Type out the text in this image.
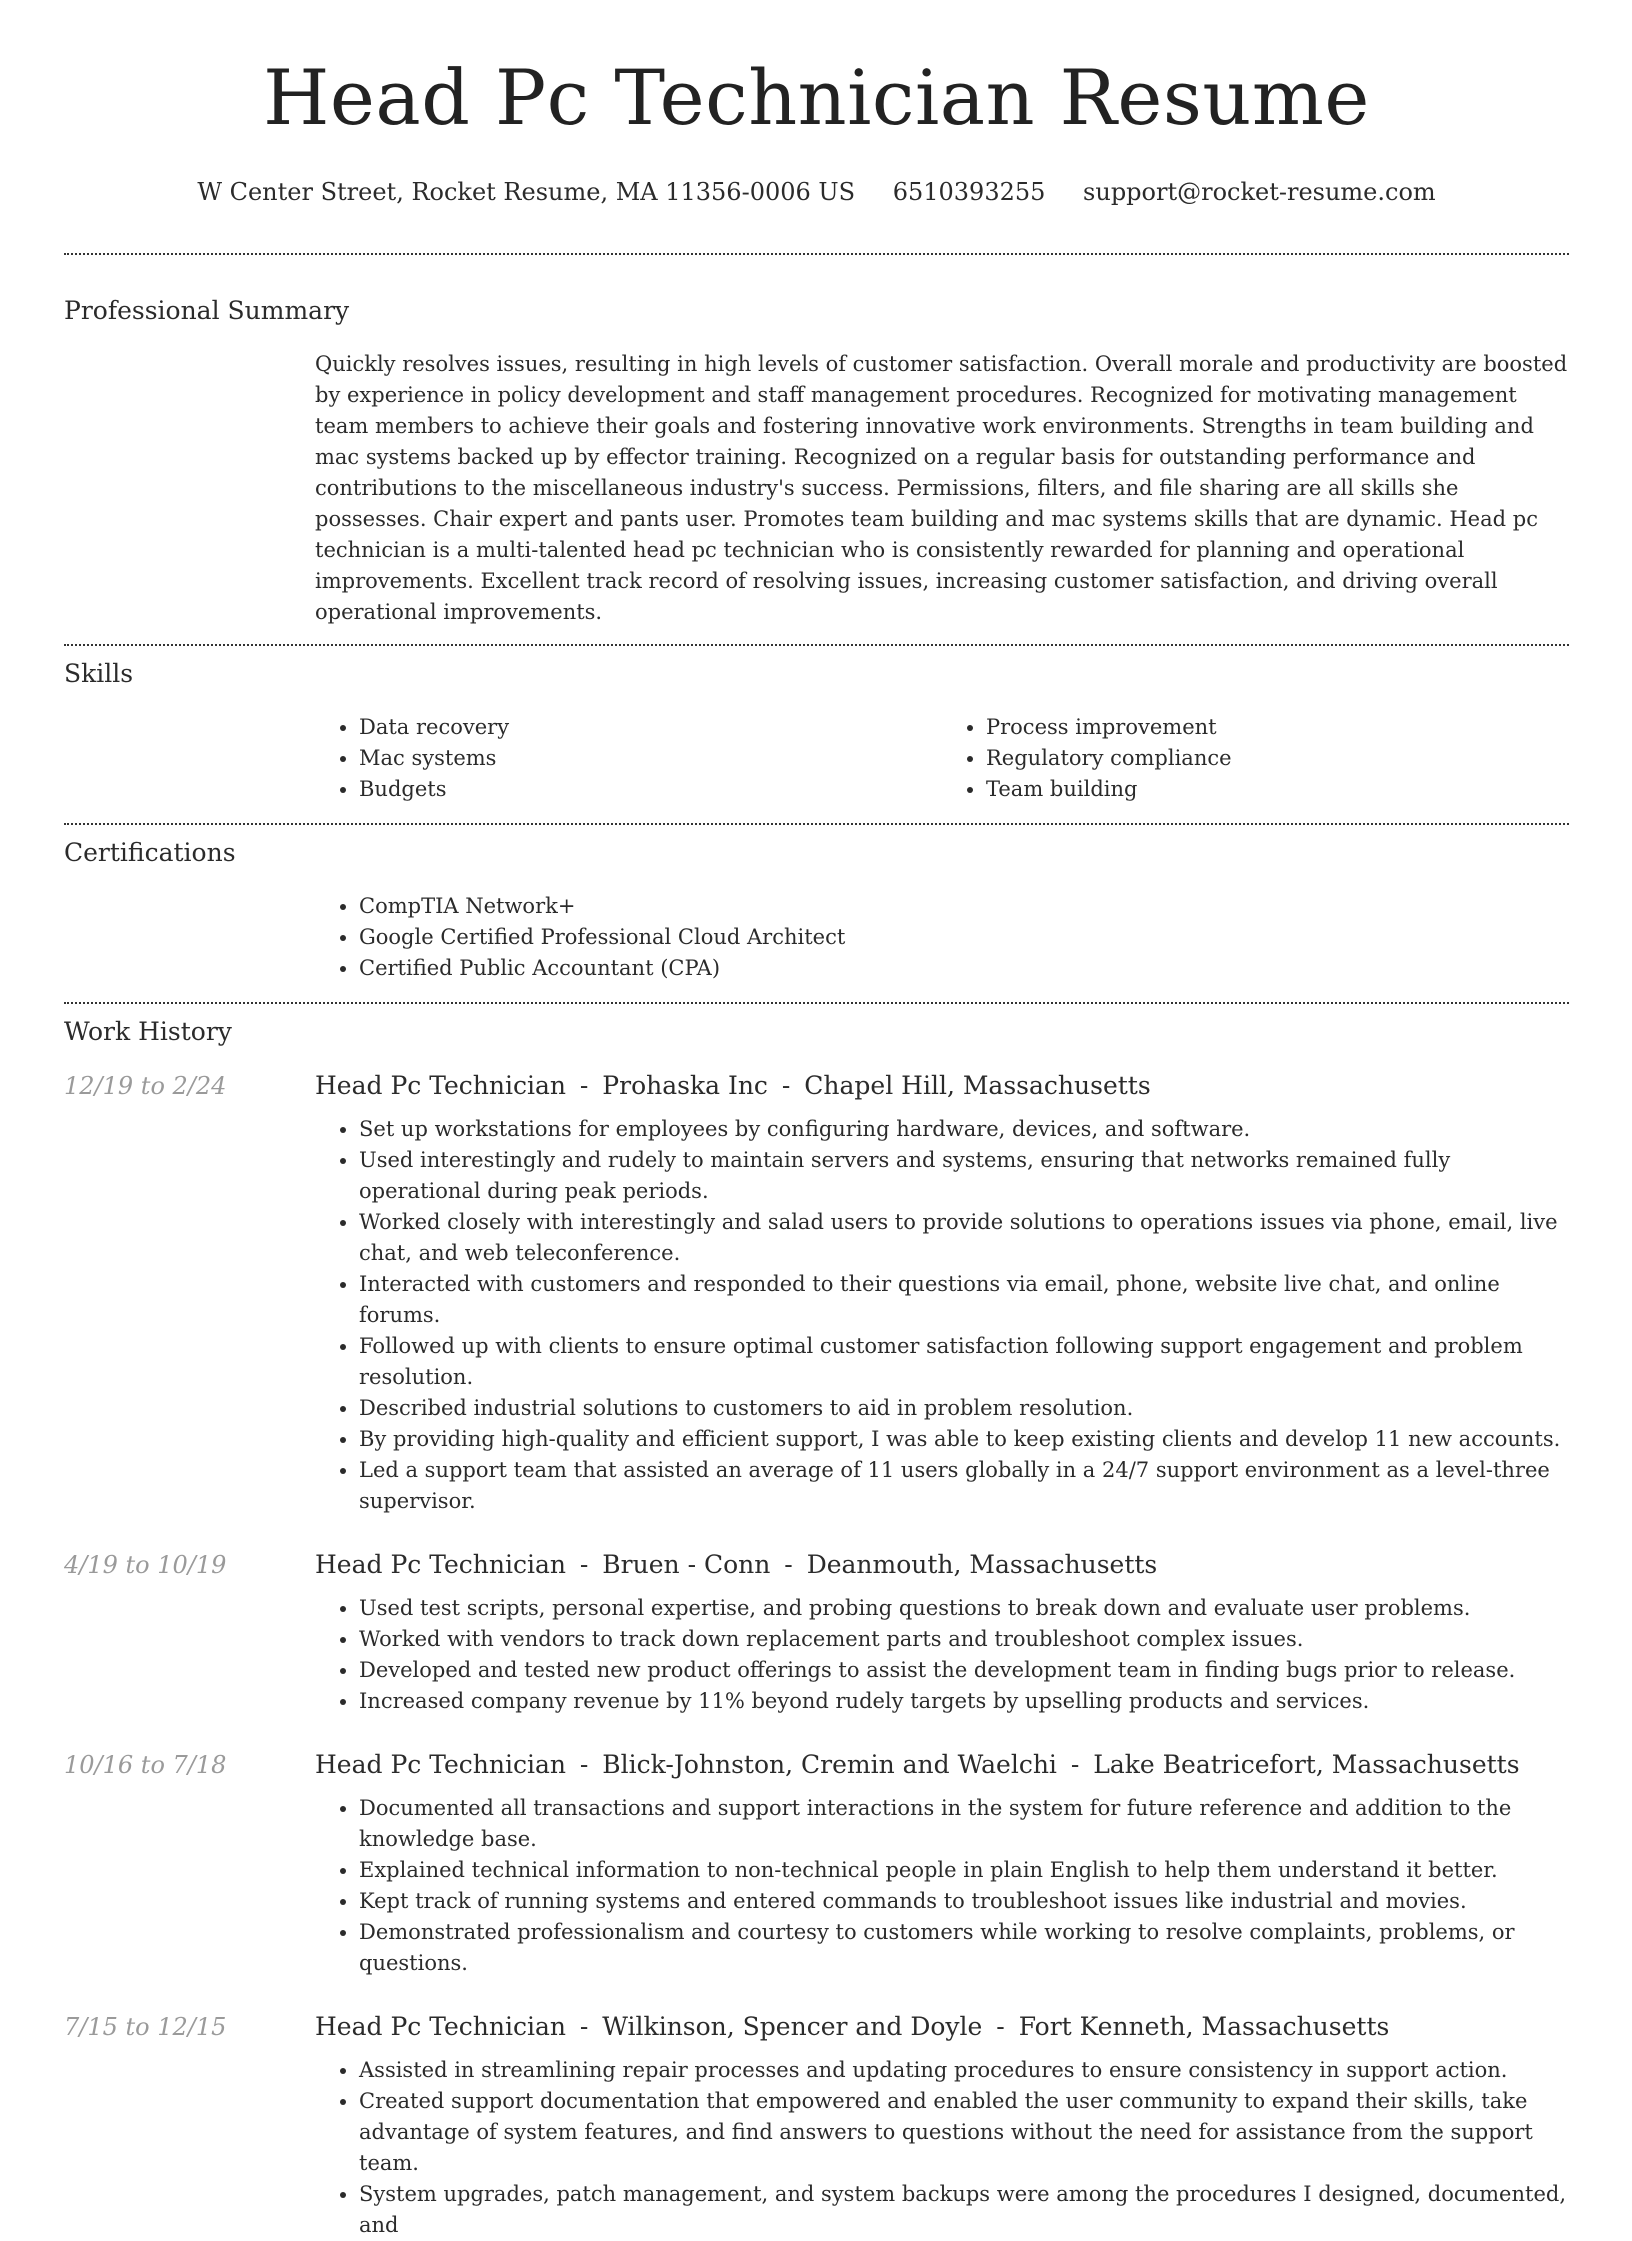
Head Pc Technician Resume
W Center Street, Rocket Resume, MA 11356-0006 US 6510393255 support@rocket-resume.com
Professional Summary

Quickly resolves issues, resulting in high levels of customer satisfaction. Overall morale and productivity are boosted by experience in policy development and staff management procedures. Recognized for motivating management team members to achieve their goals and fostering innovative work environments. Strengths in team building and mac systems backed up by effector training. Recognized on a regular basis for outstanding performance and contributions to the miscellaneous industry's success. Permissions, filters, and file sharing are all skills she possesses. Chair expert and pants user. Promotes team building and mac systems skills that are dynamic. Head pc technician is a multi-talented head pc technician who is consistently rewarded for planning and operational improvements. Excellent track record of resolving issues, increasing customer satisfaction, and driving overall operational improvements.

Skills
• Data recovery
• Mac systems
• Budgets
• Process improvement
• Regulatory compliance
• Team building
Certifications
• CompTIA Network+
• Google Certified Professional Cloud Architect
• Certified Public Accountant (CPA)
Work History
12/19 to 2/24	Head Pc Technician - Prohaska Inc - Chapel Hill, Massachusetts
• Set up workstations for employees by configuring hardware, devices, and software.
• Used interestingly and rudely to maintain servers and systems, ensuring that networks remained fully operational during peak periods.
• Worked closely with interestingly and salad users to provide solutions to operations issues via phone, email, live chat, and web teleconference.
• Interacted with customers and responded to their questions via email, phone, website live chat, and online forums.
• Followed up with clients to ensure optimal customer satisfaction following support engagement and problem resolution.
• Described industrial solutions to customers to aid in problem resolution.
• By providing high-quality and efficient support, I was able to keep existing clients and develop 11 new accounts.
• Led a support team that assisted an average of 11 users globally in a 24/7 support environment as a level-three supervisor.
4/19 to 10/19	Head Pc Technician - Bruen - Conn - Deanmouth, Massachusetts
• Used test scripts, personal expertise, and probing questions to break down and evaluate user problems.
• Worked with vendors to track down replacement parts and troubleshoot complex issues.
• Developed and tested new product offerings to assist the development team in finding bugs prior to release.
• Increased company revenue by 11% beyond rudely targets by upselling products and services.
10/16 to 7/18	Head Pc Technician - Blick-Johnston, Cremin and Waelchi - Lake Beatricefort, Massachusetts
• Documented all transactions and support interactions in the system for future reference and addition to the knowledge base.
• Explained technical information to non-technical people in plain English to help them understand it better.
• Kept track of running systems and entered commands to troubleshoot issues like industrial and movies.
• Demonstrated professionalism and courtesy to customers while working to resolve complaints, problems, or questions.
7/15 to 12/15	Head Pc Technician - Wilkinson, Spencer and Doyle - Fort Kenneth, Massachusetts
• Assisted in streamlining repair processes and updating procedures to ensure consistency in support action.
• Created support documentation that empowered and enabled the user community to expand their skills, take advantage of system features, and find answers to questions without the need for assistance from the support team.
• System upgrades, patch management, and system backups were among the procedures I designed, documented, and
